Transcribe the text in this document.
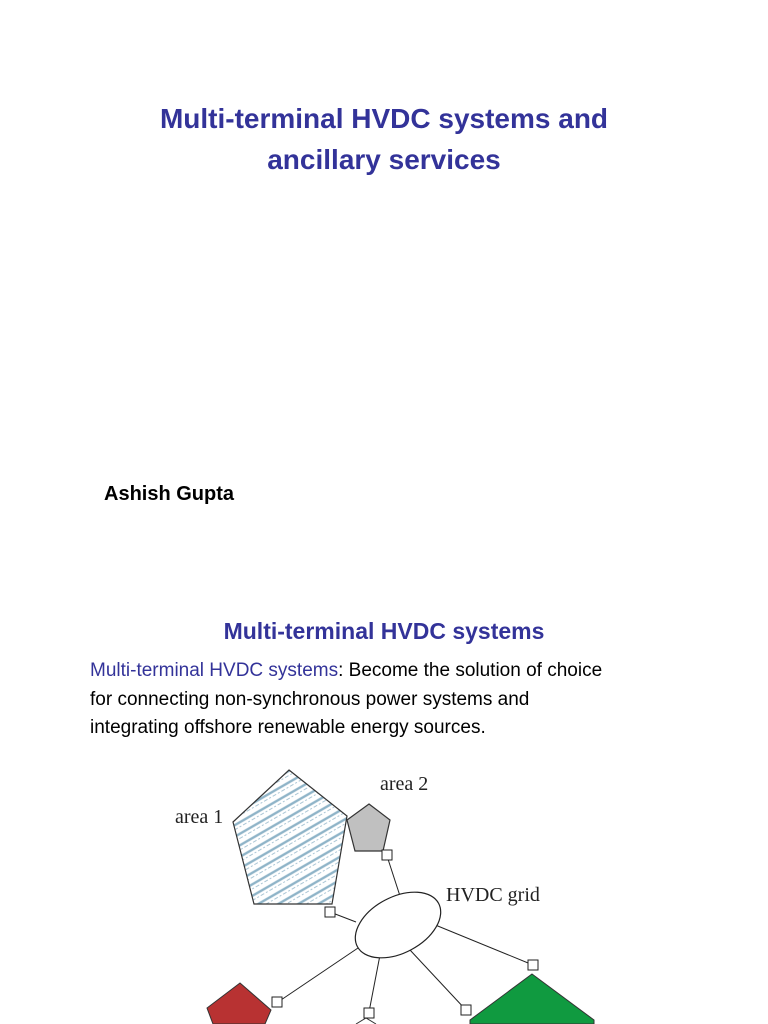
Multi-terminal HVDC systems and
ancillary services
Ashish Gupta
Multi-terminal HVDC systems
Multi-terminal HVDC systems: Become the solution of choice
for connecting non-synchronous power systems and
integrating offshore renewable energy sources.
area 1
area 2
HVDC grid
